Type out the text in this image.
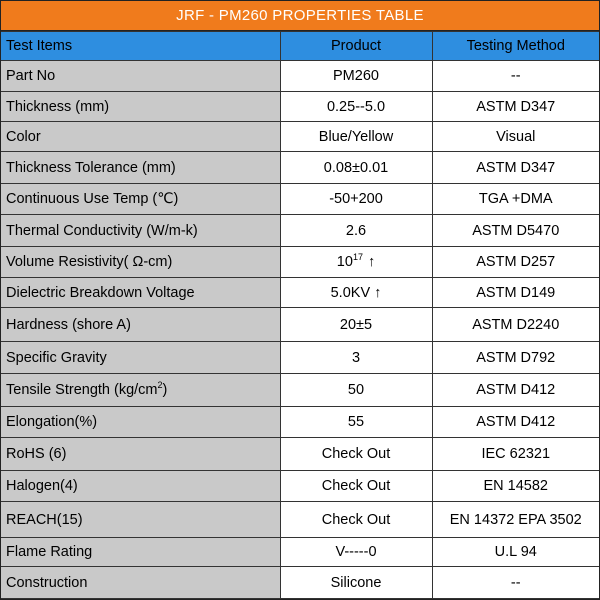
JRF - PM260 PROPERTIES TABLE
Test Items	Product	Testing Method
Part No	PM260	--
Thickness (mm)	0.25--5.0	ASTM D347
Color	Blue/Yellow	Visual
Thickness Tolerance (mm)	0.08±0.01	ASTM D347
Continuous Use Temp (℃)	-50+200	TGA +DMA
Thermal Conductivity (W/m-k)	2.6	ASTM D5470
Volume Resistivity( Ω-cm)	$10^{17}$ ↑	ASTM D257
Dielectric Breakdown Voltage	5.0KV ↑	ASTM D149
Hardness (shore A)	20±5	ASTM D2240
Specific Gravity	3	ASTM D792
Tensile Strength $(kg/cm^2)$	50	ASTM D412
Elongation(%)	55	ASTM D412
RoHS (6)	Check Out	IEC 62321
Halogen(4)	Check Out	EN 14582
REACH(15)	Check Out	EN 14372 EPA 3502
Flame Rating	V-----0	U.L 94
Construction	Silicone	--
